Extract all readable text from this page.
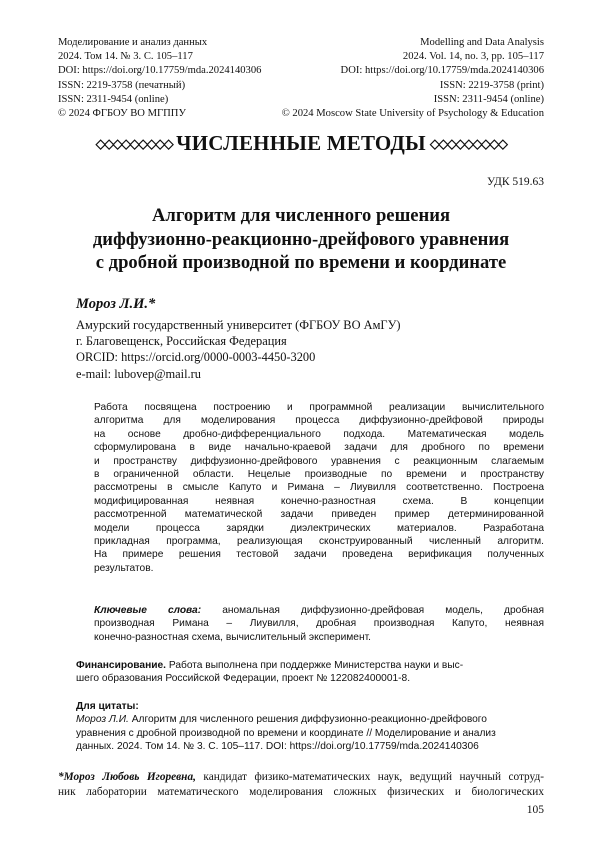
Моделирование и анализ данных
2024. Том 14. № 3. С. 105–117
DOI: https://doi.org/10.17759/mda.2024140306
ISSN: 2219-3758 (печатный)
ISSN: 2311-9454 (online)
© 2024 ФГБОУ ВО МГППУ
Modelling and Data Analysis
2024. Vol. 14, no. 3, pp. 105–117
DOI: https://doi.org/10.17759/mda.2024140306
ISSN: 2219-3758 (print)
ISSN: 2311-9454 (online)
© 2024 Moscow State University of Psychology & Education
◇◇◇◇◇◇◇◇◇ ЧИСЛЕННЫЕ МЕТОДЫ ◇◇◇◇◇◇◇◇◇
УДК 519.63
Алгоритм для численного решения
диффузионно-реакционно-дрейфового уравнения
с дробной производной по времени и координате
Мороз Л.И.*
Амурский государственный университет (ФГБОУ ВО АмГУ)
г. Благовещенск, Российская Федерация
ORCID: https://orcid.org/0000-0003-4450-3200
e-mail: lubovep@mail.ru
Работа посвящена построению и программной реализации вычислительного
алгоритма для моделирования процесса диффузионно-дрейфовой природы
на основе дробно-дифференциального подхода. Математическая модель
сформулирована в виде начально-краевой задачи для дробного по времени
и пространству диффузионно-дрейфового уравнения с реакционным слагаемым
в ограниченной области. Нецелые производные по времени и пространству
рассмотрены в смысле Капуто и Римана – Лиувилля соответственно. Построена
модифицированная неявная конечно-разностная схема. В концепции
рассмотренной математической задачи приведен пример детерминированной
модели процесса зарядки диэлектрических материалов. Разработана
прикладная программа, реализующая сконструированный численный алгоритм.
На примере решения тестовой задачи проведена верификация полученных
результатов.
Ключевые слова: аномальная диффузионно-дрейфовая модель, дробная
производная Римана – Лиувилля, дробная производная Капуто, неявная
конечно-разностная схема, вычислительный эксперимент.
Финансирование. Работа выполнена при поддержке Министерства науки и выс-
шего образования Российской Федерации, проект № 122082400001-8.
Для цитаты:
Мороз Л.И. Алгоритм для численного решения диффузионно-реакционно-дрейфового
уравнения с дробной производной по времени и координате // Моделирование и анализ
данных. 2024. Том 14. № 3. С. 105–117. DOI: https://doi.org/10.17759/mda.2024140306
*Мороз Любовь Игоревна, кандидат физико-математических наук, ведущий научный сотруд-
ник лаборатории математического моделирования сложных физических и биологических
105
